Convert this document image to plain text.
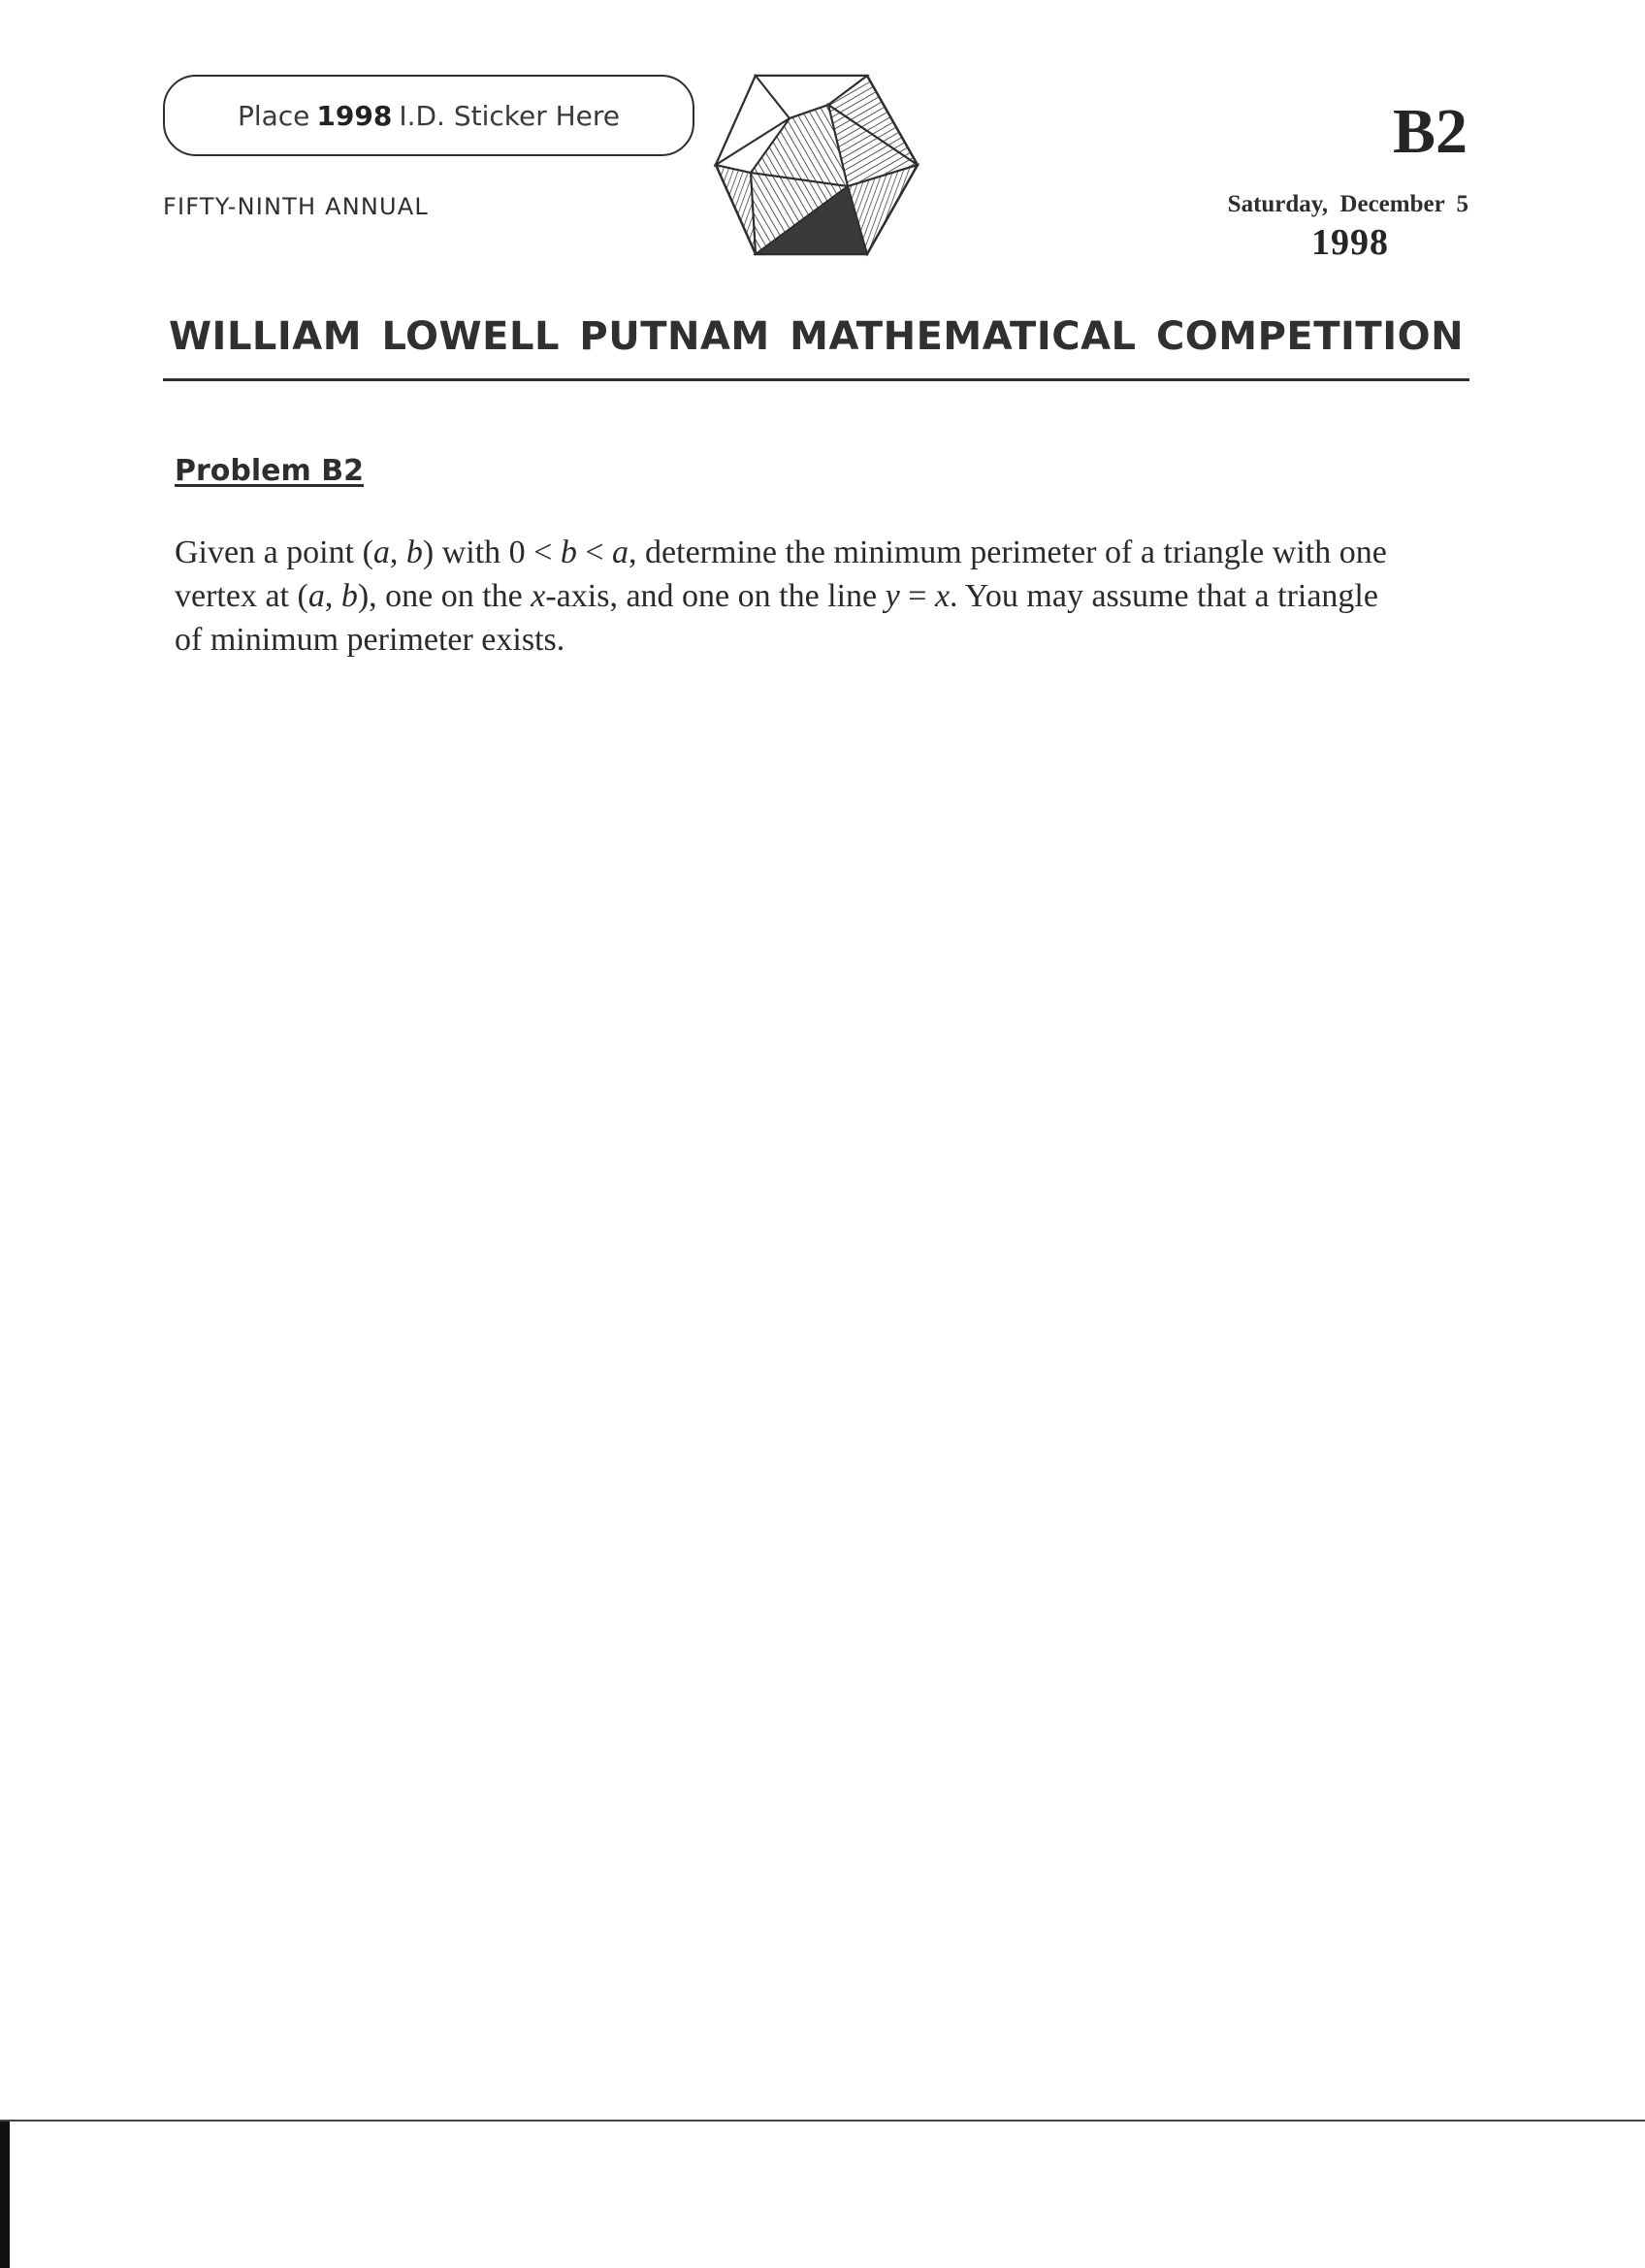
Place 1998 I.D. Sticker Here
FIFTY-NINTH ANNUAL
B2
Saturday, December 5
1998
WILLIAM LOWELL PUTNAM MATHEMATICAL COMPETITION
Problem B2

Given a point (a, b) with 0 < b < a, determine the minimum perimeter of a triangle with one

vertex at (a, b), one on the x-axis, and one on the line y = x. You may assume that a triangle

of minimum perimeter exists.
